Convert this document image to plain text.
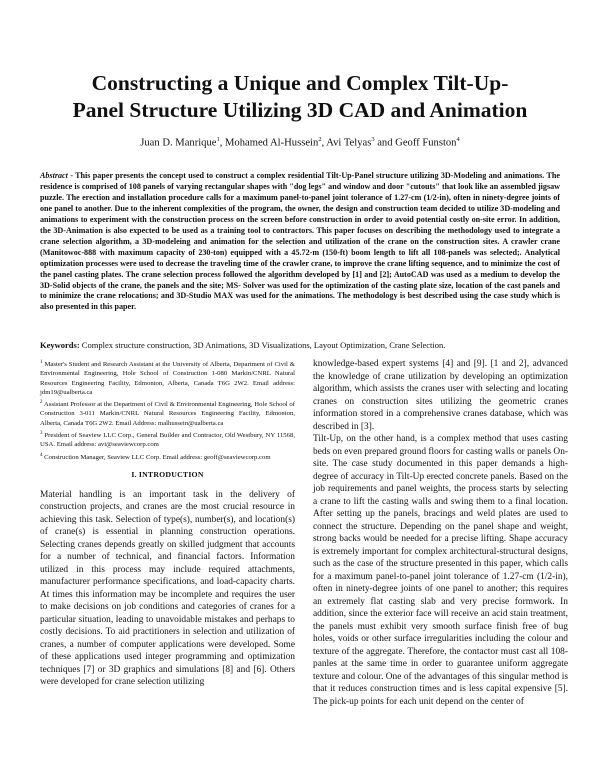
Constructing a Unique and Complex Tilt-Up-
Panel Structure Utilizing 3D CAD and Animation
Juan D. Manrique$^1$, Mohamed Al-Hussein$^2$, Avi Telyas$^3$ and Geoff Funston$^4$

Abstract - This paper presents the concept used to construct a complex residential Tilt-Up-Panel structure utilizing 3D-Modeling and animations. The residence is comprised of 108 panels of varying rectangular shapes with "dog legs" and window and door "cutouts" that look like an assembled jigsaw puzzle. The erection and installation procedure calls for a maximum panel-to-panel joint tolerance of 1.27-cm (1/2-in), often in ninety-degree joints of one panel to another. Due to the inherent complexities of the program, the owner, the design and construction team decided to utilize 3D-modeling and animations to experiment with the construction process on the screen before construction in order to avoid potential costly on-site error. In addition, the 3D-Animation is also expected to be used as a training tool to contractors. This paper focuses on describing the methodology used to integrate a crane selection algorithm, a 3D-modeleing and animation for the selection and utilization of the crane on the construction sites. A crawler crane (Manitowoc-888 with maximum capacity of 230-ton) equipped with a 45.72-m (150-ft) boom length to lift all 108-panels was selected;. Analytical optimization processes were used to decrease the traveling time of the crawler crane, to improve the crane lifting sequence, and to minimize the cost of the panel casting plates. The crane selection process followed the algorithm developed by [1] and [2]; AutoCAD was used as a medium to develop the 3D-Solid objects of the crane, the panels and the site; MS- Solver was used for the optimization of the casting plate size, location of the cast panels and to minimize the crane relocations; and 3D-Studio MAX was used for the animations. The methodology is best described using the case study which is also presented in this paper.

Keywords: Complex structure construction, 3D Animations, 3D Visualizations, Layout Optimization, Crane Selection.

$^1$ Master's Student and Research Assistant at the University of Alberta, Department of Civil & Environmental Engineering, Hole School of Construction 1-080 Markin/CNRL Natural Resources Engineering Facility, Edmonton, Alberta, Canada T6G 2W2. Email address: jdm19@ualberta.ca

$^2$ Assistant Professor at the Department of Civil & Environmental Engineering, Hole School of Construction 3-011 Markin/CNRL Natural Resources Engineering Facility, Edmonton, Alberta, Canada T6G 2W2. Email Address: malhussein@ualberta.ca

$^3$ President of Seaview LLC Corp., General Builder and Contractor, Old Westbury, NY 11568, USA. Email address: avi@seaviewcorp.com

$^4$ Construction Manager, Seaview LLC Corp. Email address: geoff@seaviewcorp.com

I. INTRODUCTION

Material handling is an important task in the delivery of construction projects, and cranes are the most crucial resource in achieving this task. Selection of type(s), number(s), and location(s) of crane(s) is essential in planning construction operations. Selecting cranes depends greatly on skilled judgment that accounts for a number of technical, and financial factors. Information utilized in this process may include required attachments, manufacturer performance specifications, and load-capacity charts. At times this information may be incomplete and requires the user to make decisions on job conditions and categories of cranes for a particular situation, leading to unavoidable mistakes and perhaps to costly decisions. To aid practitioners in selection and utilization of cranes, a number of computer applications were developed. Some of these applications used integer programming and optimization techniques [7] or 3D graphics and simulations [8] and [6]. Others were developed for crane selection utilizing

knowledge-based expert systems [4] and [9]. [1 and 2], advanced the knowledge of crane utilization by developing an optimization algorithm, which assists the cranes user with selecting and locating cranes on construction sites utilizing the geometric cranes information stored in a comprehensive cranes database, which was described in [3].

Tilt-Up, on the other hand, is a complex method that uses casting beds on even prepared ground floors for casting walls or panels On-site. The case study documented in this paper demands a high-degree of accuracy in Tilt-Up erected concrete panels. Based on the job requirements and panel weights, the process starts by selecting a crane to lift the casting walls and swing them to a final location. After setting up the panels, bracings and weld plates are used to connect the structure. Depending on the panel shape and weight, strong backs would be needed for a precise lifting. Shape accuracy is extremely important for complex architectural-structural designs, such as the case of the structure presented in this paper, which calls for a maximum panel-to-panel joint tolerance of 1.27-cm (1/2-in), often in ninety-degree joints of one panel to another; this requires an extremely flat casting slab and very precise formwork. In addition, since the exterior face will receive an acid stain treatment, the panels must exhibit very smooth surface finish free of bug holes, voids or other surface irregularities including the colour and texture of the aggregate. Therefore, the contactor must cast all 108-panles at the same time in order to guarantee uniform aggregate texture and colour. One of the advantages of this singular method is that it reduces construction times and is less capital expensive [5]. The pick-up points for each unit depend on the center of
